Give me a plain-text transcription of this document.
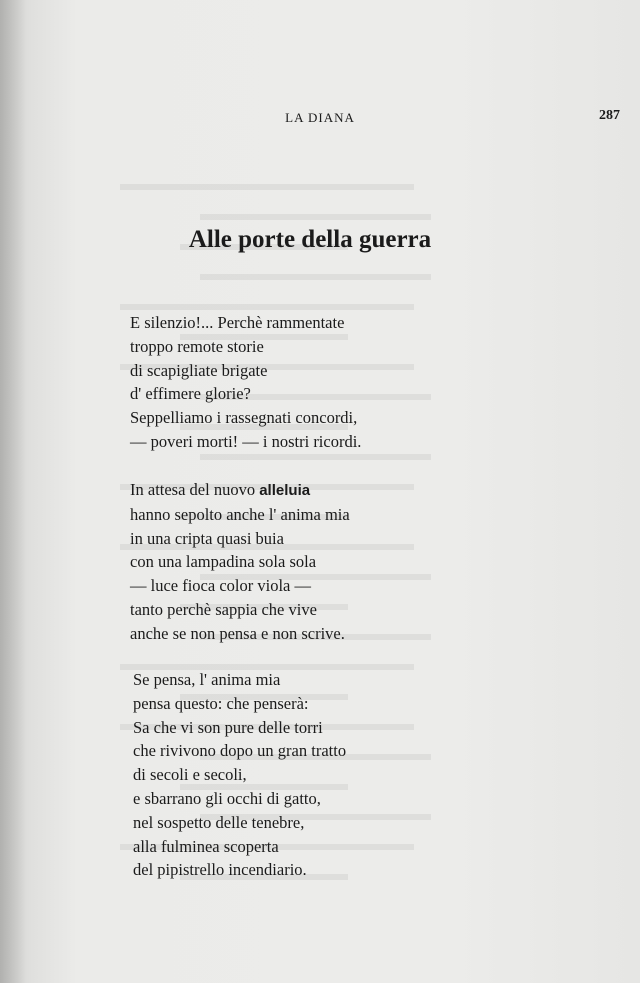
LA DIANA	287
Alle porte della guerra
E silenzio!... Perchè rammentate
troppo remote storie
di scapigliate brigate
d' effimere glorie?
Seppelliamo i rassegnati concordi,
— poveri morti! — i nostri ricordi.
In attesa del nuovo alleluia
hanno sepolto anche l' anima mia
in una cripta quasi buia
con una lampadina sola sola
— luce fioca color viola —
tanto perchè sappia che vive
anche se non pensa e non scrive.
Se pensa, l' anima mia
pensa questo: che penserà:
Sa che vi son pure delle torri
che rivivono dopo un gran tratto
di secoli e secoli,
e sbarrano gli occhi di gatto,
nel sospetto delle tenebre,
alla fulminea scoperta
del pipistrello incendiario.
